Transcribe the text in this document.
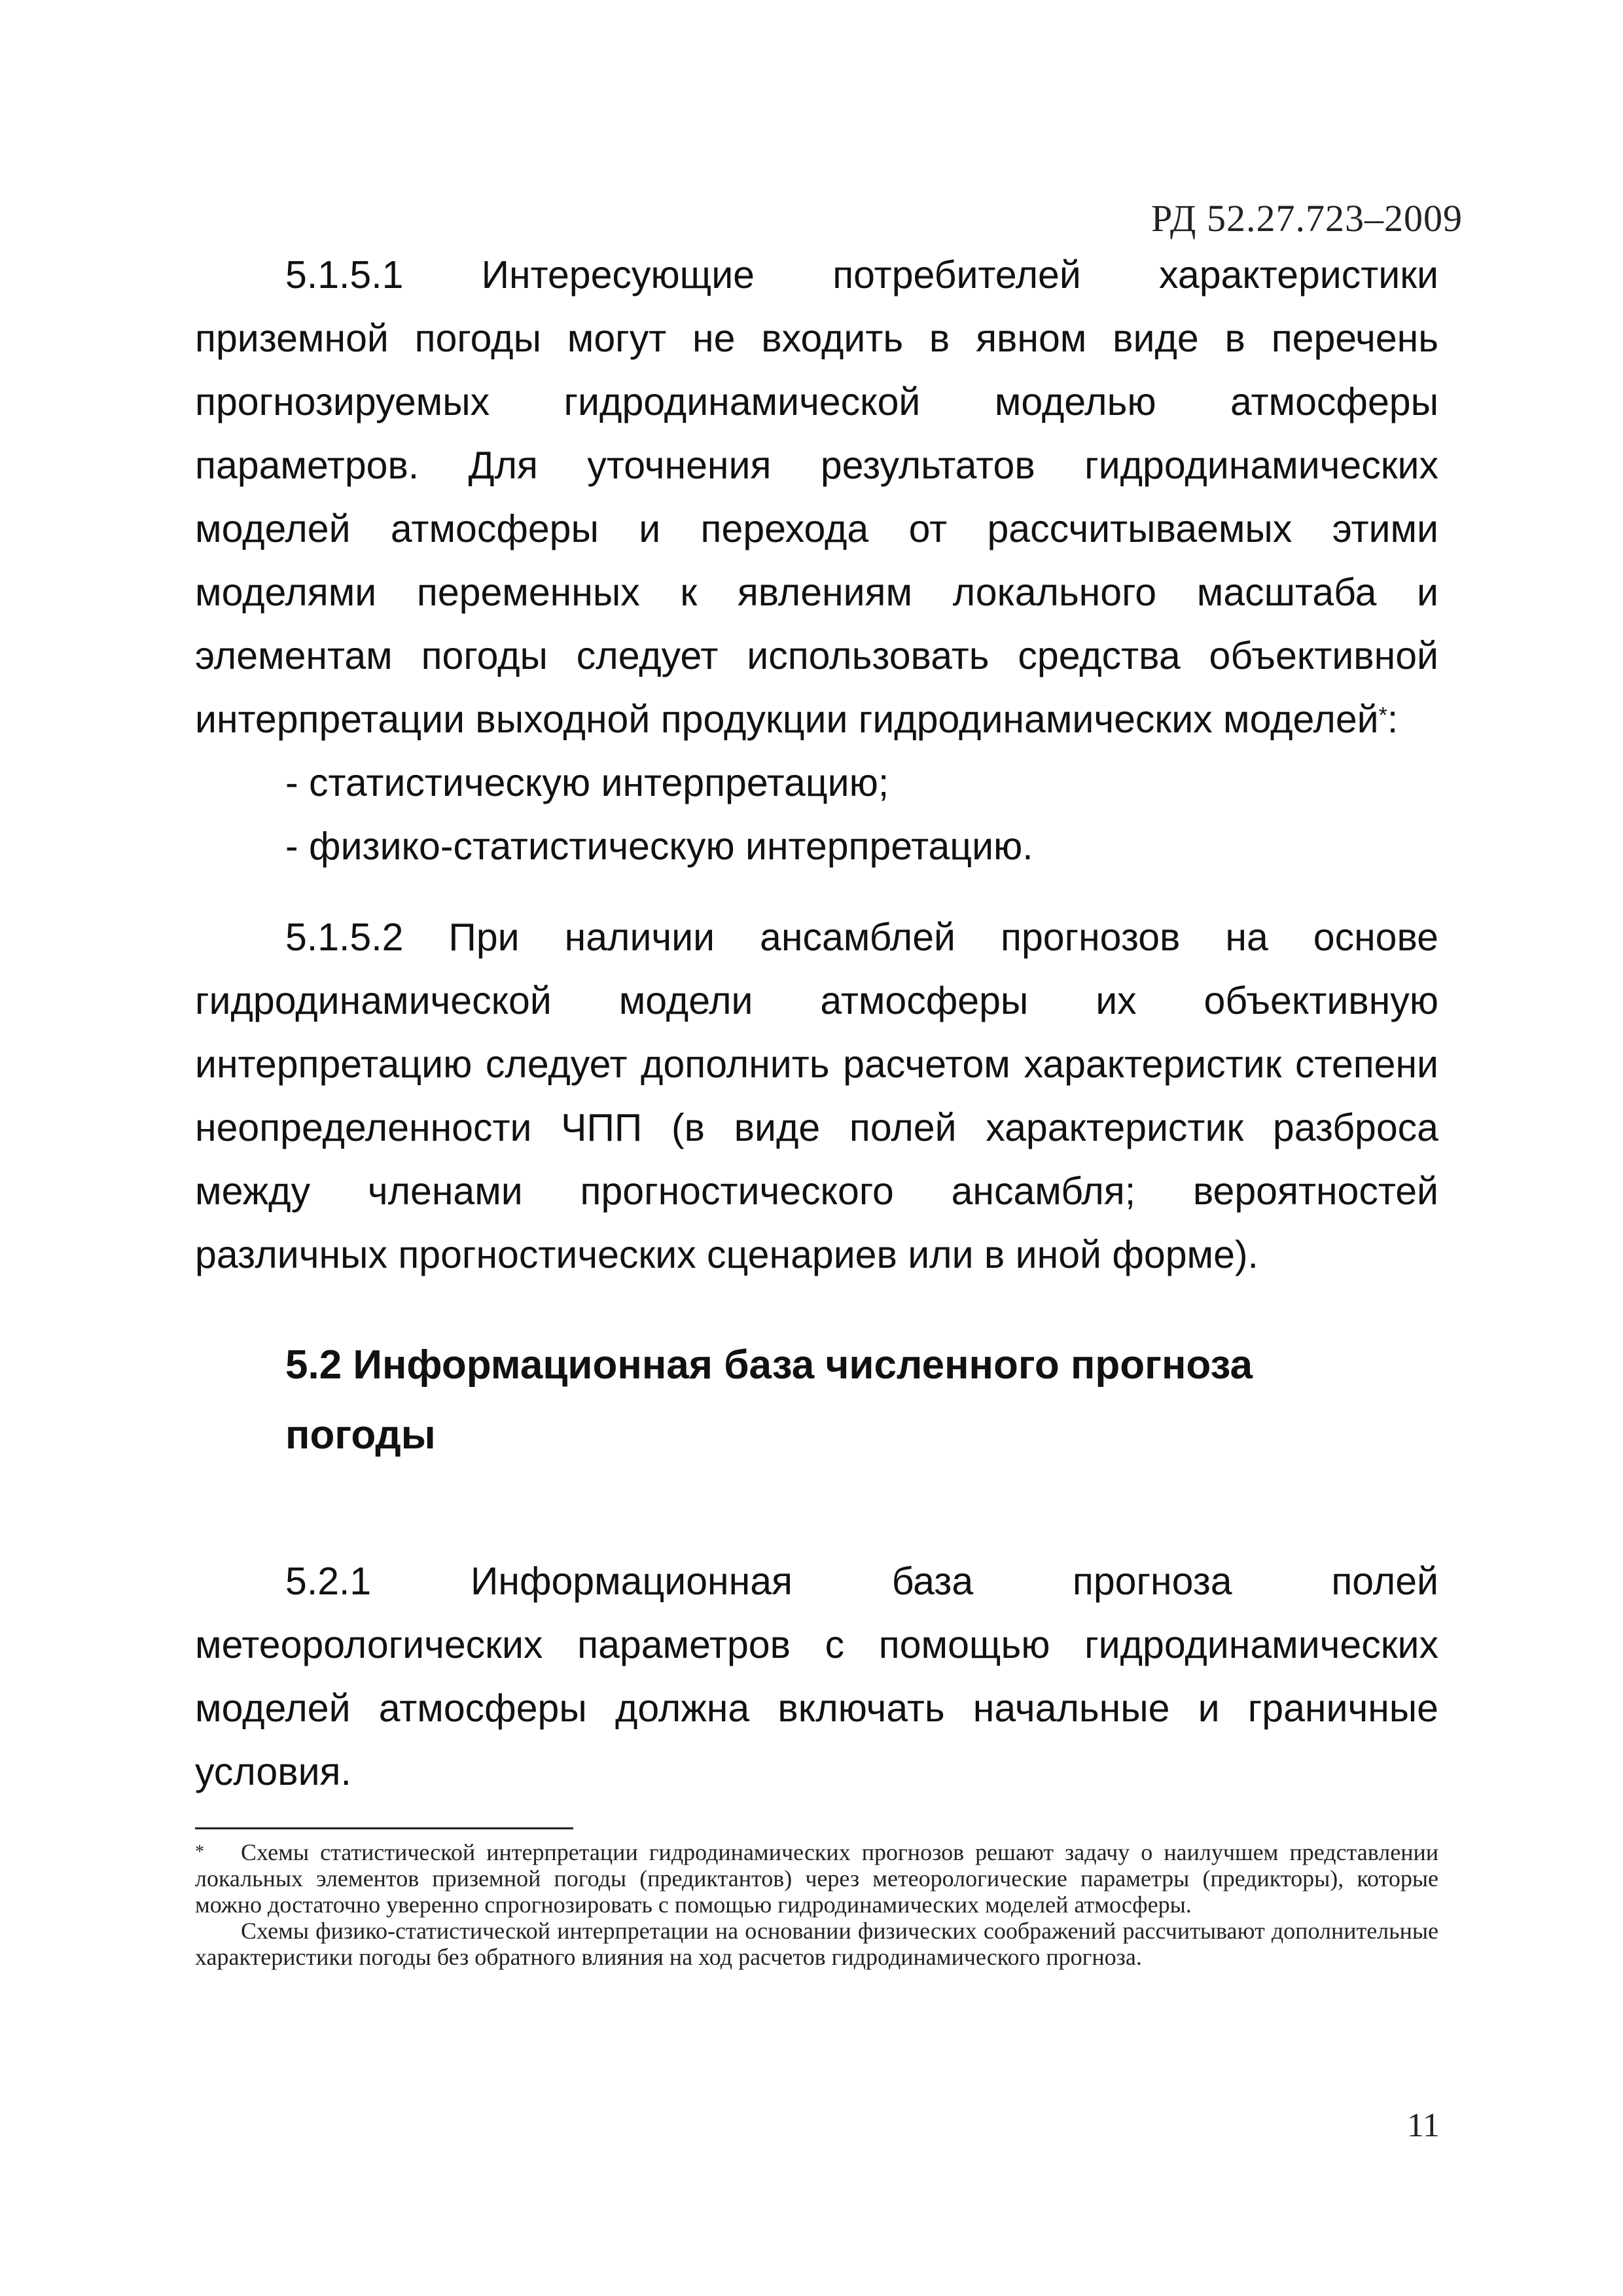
РД 52.27.723–2009

5.1.5.1 Интересующие потребителей характеристики приземной погоды могут не входить в явном виде в перечень прогнозируемых гидродинамической моделью атмосферы параметров. Для уточнения результатов гидродинамических моделей атмосферы и перехода от рассчитываемых этими моделями переменных к явлениям локального масштаба и элементам погоды следует использовать средства объективной интерпретации выходной продукции гидродинамических моделей*:

- статистическую интерпретацию;

- физико-статистическую интерпретацию.

5.1.5.2 При наличии ансамблей прогнозов на основе гидродинамической модели атмосферы их объективную интерпретацию следует дополнить расчетом характеристик степени неопределенности ЧПП (в виде полей характеристик разброса между членами прогностического ансамбля; вероятностей различных прогностических сценариев или в иной форме).

5.2 Информационная база численного прогноза погоды

5.2.1 Информационная база прогноза полей метеорологических параметров с помощью гидродинамических моделей атмосферы должна включать начальные и граничные условия.

* Схемы статистической интерпретации гидродинамических прогнозов решают задачу о наилучшем представлении локальных элементов приземной погоды (предиктантов) через метеорологические параметры (предикторы), которые можно достаточно уверенно спрогнозировать с помощью гидродинамических моделей атмосферы.

Схемы физико-статистической интерпретации на основании физических соображений рассчитывают дополнительные характеристики погоды без обратного влияния на ход расчетов гидродинамического прогноза.

11
